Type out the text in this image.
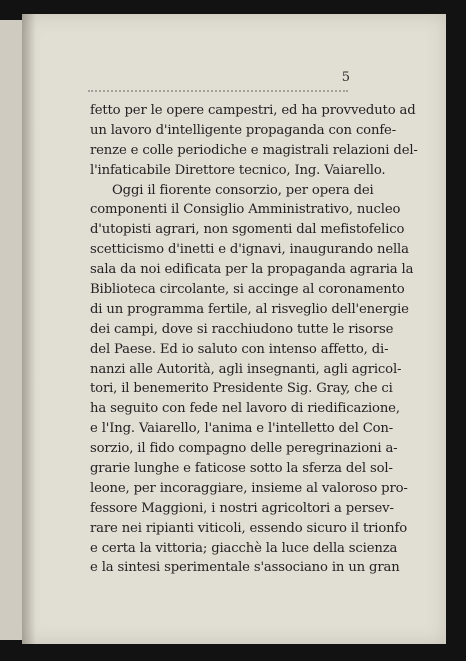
5
fetto per le opere campestri, ed ha provveduto ad
un lavoro d'intelligente propaganda con confe-
renze e colle periodiche e magistrali relazioni del-
l'infaticabile Direttore tecnico, Ing. Vaiarello.
Oggi il fiorente consorzio, per opera dei
componenti il Consiglio Amministrativo, nucleo
d'utopisti agrari, non sgomenti dal mefistofelico
scetticismo d'inetti e d'ignavi, inaugurando nella
sala da noi edificata per la propaganda agraria la
Biblioteca circolante, si accinge al coronamento
di un programma fertile, al risveglio dell'energie
dei campi, dove si racchiudono tutte le risorse
del Paese. Ed io saluto con intenso affetto, di-
nanzi alle Autorità, agli insegnanti, agli agricol-
tori, il benemerito Presidente Sig. Gray, che ci
ha seguito con fede nel lavoro di riedificazione,
e l'Ing. Vaiarello, l'anima e l'intelletto del Con-
sorzio, il fido compagno delle peregrinazioni a-
grarie lunghe e faticose sotto la sferza del sol-
leone, per incoraggiare, insieme al valoroso pro-
fessore Maggioni, i nostri agricoltori a persev-
rare nei ripianti viticoli, essendo sicuro il trionfo
e certa la vittoria; giacchè la luce della scienza
e la sintesi sperimentale s'associano in un gran
